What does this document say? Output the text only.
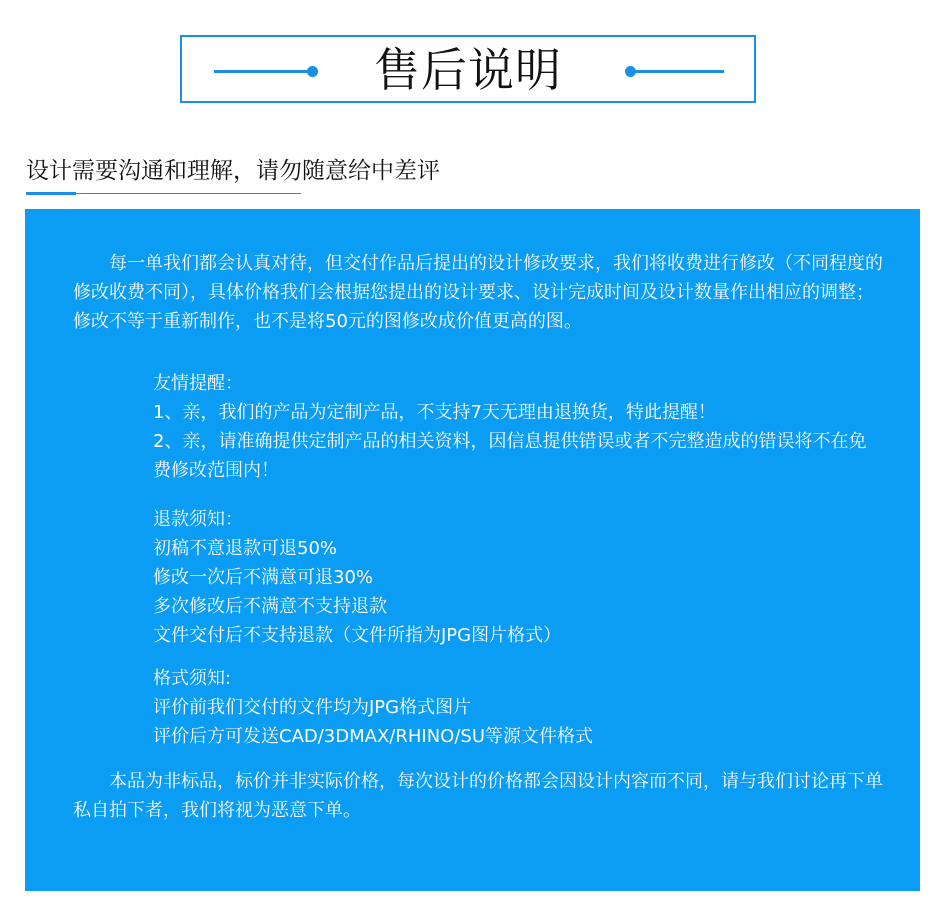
售后说明
设计需要沟通和理解，请勿随意给中差评

每一单我们都会认真对待，但交付作品后提出的设计修改要求，我们将收费进行修改（不同程度的修改收费不同），具体价格我们会根据您提出的设计要求、设计完成时间及设计数量作出相应的调整；修改不等于重新制作，也不是将50元的图修改成价值更高的图。

友情提醒：
1、亲，我们的产品为定制产品，不支持7天无理由退换货，特此提醒！
2、亲，请准确提供定制产品的相关资料，因信息提供错误或者不完整造成的错误将不在免费修改范围内！
退款须知：
初稿不意退款可退50%
修改一次后不满意可退30%
多次修改后不满意不支持退款
文件交付后不支持退款（文件所指为JPG图片格式）
格式须知:
评价前我们交付的文件均为JPG格式图片
评价后方可发送CAD/3DMAX/RHINO/SU等源文件格式

本品为非标品，标价并非实际价格，每次设计的价格都会因设计内容而不同，请与我们讨论再下单私自拍下者，我们将视为恶意下单。
